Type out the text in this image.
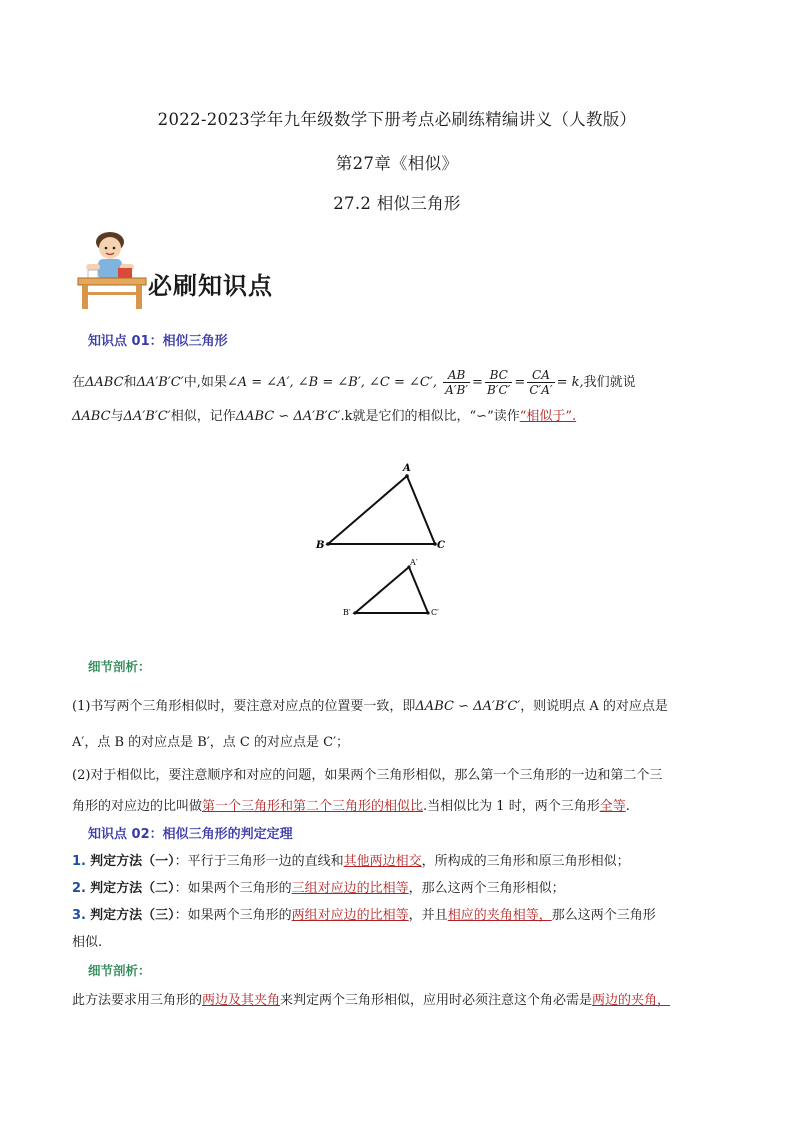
2022-2023学年九年级数学下册考点必刷练精编讲义（人教版）
第27章《相似》
27.2 相似三角形
必刷知识点
知识点 01：相似三角形
在ΔABC和ΔA′B′C′中,如果∠A = ∠A′, ∠B = ∠B′, ∠C = ∠C′, $\frac{AB}{A'B'} = \frac{BC}{B'C'} = \frac{CA}{C'A'} = k$,我们就说
ΔABC与ΔA′B′C′相似，记作ΔABC ∽ ΔA′B′C′.k就是它们的相似比，“∽”读作“相似于”.
A
B	C
A′
B′	C′
细节剖析：
(1)书写两个三角形相似时，要注意对应点的位置要一致，即ΔABC ∽ ΔA′B′C′，则说明点 A 的对应点是
A′，点 B 的对应点是 B′，点 C 的对应点是 C′；
(2)对于相似比，要注意顺序和对应的问题，如果两个三角形相似，那么第一个三角形的一边和第二个三
角形的对应边的比叫做第一个三角形和第二个三角形的相似比.当相似比为 1 时，两个三角形全等.
知识点 02：相似三角形的判定定理
1. 判定方法（一）：平行于三角形一边的直线和其他两边相交，所构成的三角形和原三角形相似；
2. 判定方法（二）：如果两个三角形的三组对应边的比相等，那么这两个三角形相似；
3. 判定方法（三）：如果两个三角形的两组对应边的比相等，并且相应的夹角相等，那么这两个三角形
相似.
细节剖析：
此方法要求用三角形的两边及其夹角来判定两个三角形相似，应用时必须注意这个角必需是两边的夹角，
